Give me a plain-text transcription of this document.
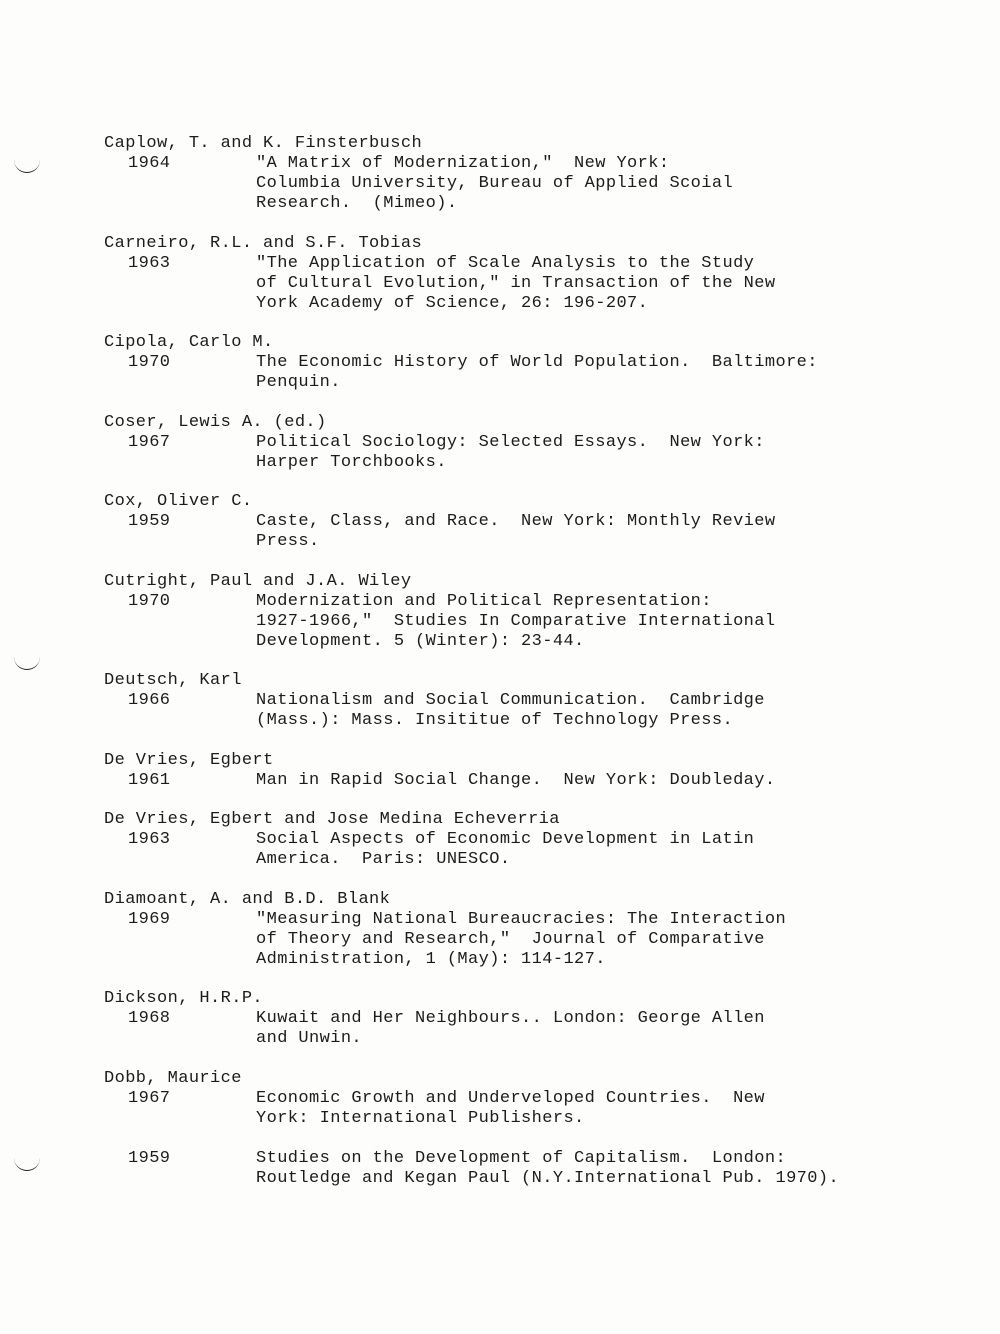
Caplow, T. and K. Finsterbusch
1964	"A Matrix of Modernization,"  New York:
Columbia University, Bureau of Applied Scoial
Research.  (Mimeo).
Carneiro, R.L. and S.F. Tobias
1963	"The Application of Scale Analysis to the Study
of Cultural Evolution," in Transaction of the New
York Academy of Science, 26: 196-207.
Cipola, Carlo M.
1970	The Economic History of World Population.  Baltimore:
Penquin.
Coser, Lewis A. (ed.)
1967	Political Sociology: Selected Essays.  New York:
Harper Torchbooks.
Cox, Oliver C.
1959	Caste, Class, and Race.  New York: Monthly Review
Press.
Cutright, Paul and J.A. Wiley
1970	Modernization and Political Representation:
1927-1966,"  Studies In Comparative International
Development. 5 (Winter): 23-44.
Deutsch, Karl
1966	Nationalism and Social Communication.  Cambridge
(Mass.): Mass. Insititue of Technology Press.
De Vries, Egbert
1961	Man in Rapid Social Change.  New York: Doubleday.
De Vries, Egbert and Jose Medina Echeverria
1963	Social Aspects of Economic Development in Latin
America.  Paris: UNESCO.
Diamoant, A. and B.D. Blank
1969	"Measuring National Bureaucracies: The Interaction
of Theory and Research,"  Journal of Comparative
Administration, 1 (May): 114-127.
Dickson, H.R.P.
1968	Kuwait and Her Neighbours.. London: George Allen
and Unwin.
Dobb, Maurice
1967	Economic Growth and Underveloped Countries.  New
York: International Publishers.
1959	Studies on the Development of Capitalism.  London:
Routledge and Kegan Paul (N.Y.International Pub. 1970).
